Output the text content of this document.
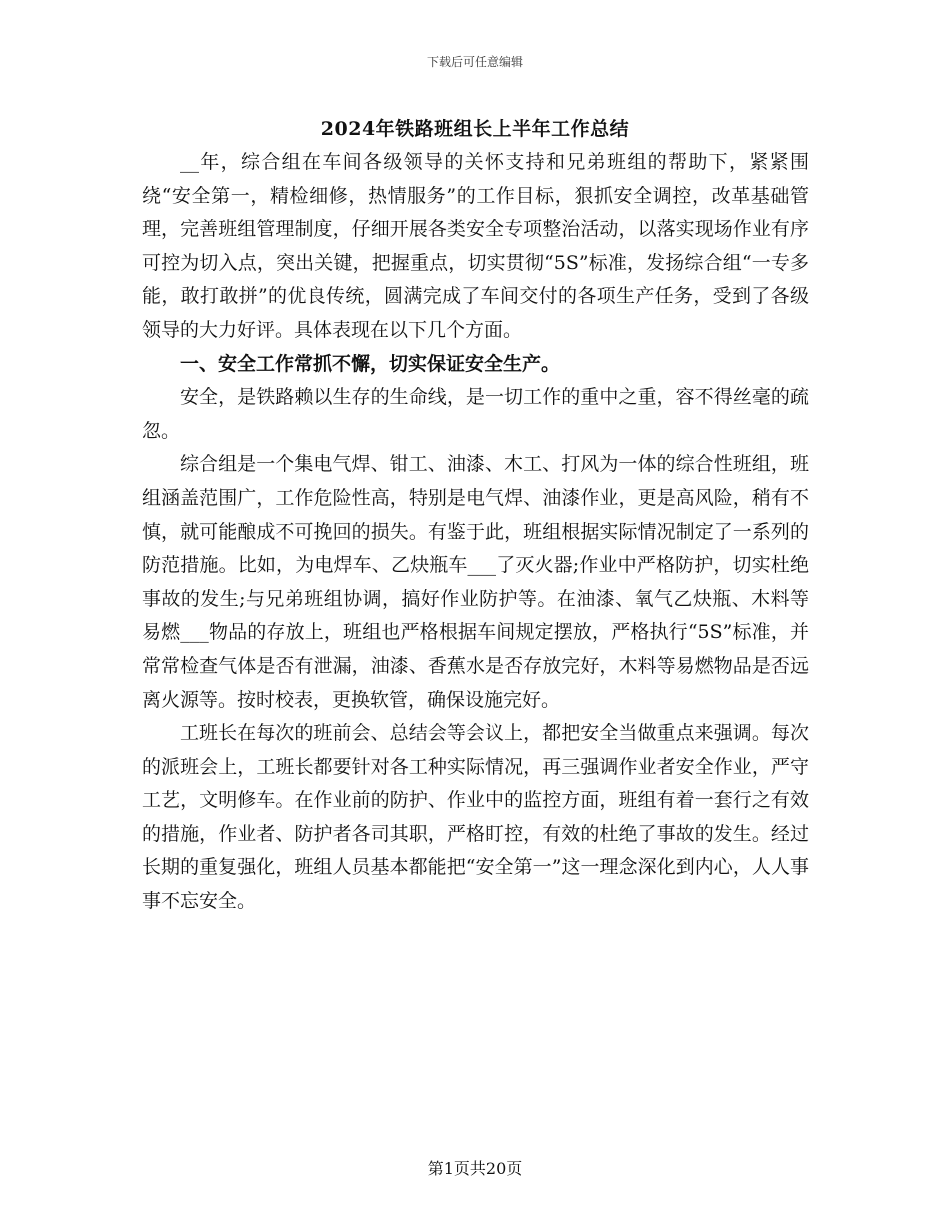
下载后可任意编辑
2024年铁路班组长上半年工作总结

__年，综合组在车间各级领导的关怀支持和兄弟班组的帮助下，紧紧围绕“安全第一，精检细修，热情服务”的工作目标，狠抓安全调控，改革基础管理，完善班组管理制度，仔细开展各类安全专项整治活动，以落实现场作业有序可控为切入点，突出关键，把握重点，切实贯彻“5S”标准，发扬综合组“一专多能，敢打敢拼”的优良传统，圆满完成了车间交付的各项生产任务，受到了各级领导的大力好评。具体表现在以下几个方面。

一、安全工作常抓不懈，切实保证安全生产。

安全，是铁路赖以生存的生命线，是一切工作的重中之重，容不得丝毫的疏忽。

综合组是一个集电气焊、钳工、油漆、木工、打风为一体的综合性班组，班组涵盖范围广，工作危险性高，特别是电气焊、油漆作业，更是高风险，稍有不慎，就可能酿成不可挽回的损失。有鉴于此，班组根据实际情况制定了一系列的防范措施。比如，为电焊车、乙炔瓶车___了灭火器;作业中严格防护，切实杜绝事故的发生;与兄弟班组协调，搞好作业防护等。在油漆、氧气乙炔瓶、木料等易燃___物品的存放上，班组也严格根据车间规定摆放，严格执行“5S”标准，并常常检查气体是否有泄漏，油漆、香蕉水是否存放完好，木料等易燃物品是否远离火源等。按时校表，更换软管，确保设施完好。

工班长在每次的班前会、总结会等会议上，都把安全当做重点来强调。每次的派班会上，工班长都要针对各工种实际情况，再三强调作业者安全作业，严守工艺，文明修车。在作业前的防护、作业中的监控方面，班组有着一套行之有效的措施，作业者、防护者各司其职，严格盯控，有效的杜绝了事故的发生。经过长期的重复强化，班组人员基本都能把“安全第一”这一理念深化到内心，人人事事不忘安全。

第1页共20页
